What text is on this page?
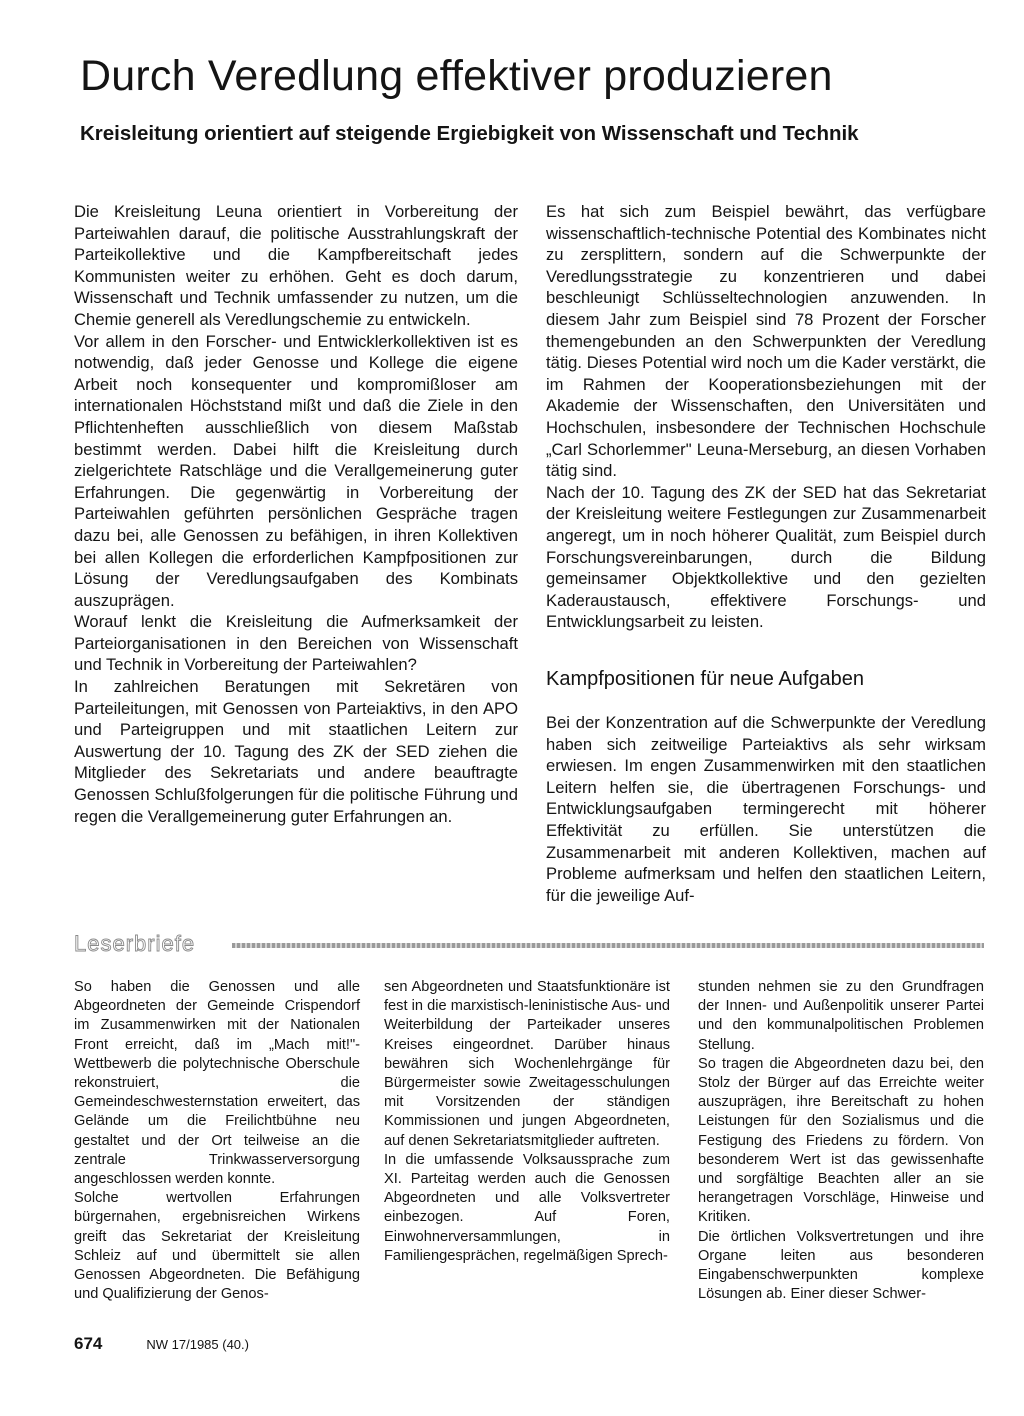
Durch Veredlung effektiver produzieren
Kreisleitung orientiert auf steigende Ergiebigkeit von Wissenschaft und Technik
Die Kreisleitung Leuna orientiert in Vorbereitung der Parteiwahlen darauf, die politische Ausstrahlungskraft der Parteikollektive und die Kampfbereitschaft jedes Kommunisten weiter zu erhöhen. Geht es doch darum, Wissenschaft und Technik umfassender zu nutzen, um die Chemie generell als Veredlungschemie zu entwickeln.
Vor allem in den Forscher- und Entwicklerkollektiven ist es notwendig, daß jeder Genosse und Kollege die eigene Arbeit noch konsequenter und kompromißloser am internationalen Höchststand mißt und daß die Ziele in den Pflichtenheften ausschließlich von diesem Maßstab bestimmt werden. Dabei hilft die Kreisleitung durch zielgerichtete Ratschläge und die Verallgemeinerung guter Erfahrungen. Die gegenwärtig in Vorbereitung der Parteiwahlen geführten persönlichen Gespräche tragen dazu bei, alle Genossen zu befähigen, in ihren Kollektiven bei allen Kollegen die erforderlichen Kampfpositionen zur Lösung der Veredlungsaufgaben des Kombinats auszuprägen.
Worauf lenkt die Kreisleitung die Aufmerksamkeit der Parteiorganisationen in den Bereichen von Wissenschaft und Technik in Vorbereitung der Parteiwahlen?
In zahlreichen Beratungen mit Sekretären von Parteileitungen, mit Genossen von Parteiaktivs, in den APO und Parteigruppen und mit staatlichen Leitern zur Auswertung der 10. Tagung des ZK der SED ziehen die Mitglieder des Sekretariats und andere beauftragte Genossen Schlußfolgerungen für die politische Führung und regen die Verallgemeinerung guter Erfahrungen an.
Es hat sich zum Beispiel bewährt, das verfügbare wissenschaftlich-technische Potential des Kombinates nicht zu zersplittern, sondern auf die Schwerpunkte der Veredlungsstrategie zu konzentrieren und dabei beschleunigt Schlüsseltechnologien anzuwenden. In diesem Jahr zum Beispiel sind 78 Prozent der Forscher themengebunden an den Schwerpunkten der Veredlung tätig. Dieses Potential wird noch um die Kader verstärkt, die im Rahmen der Kooperationsbeziehungen mit der Akademie der Wissenschaften, den Universitäten und Hochschulen, insbesondere der Technischen Hochschule „Carl Schorlemmer" Leuna-Merseburg, an diesen Vorhaben tätig sind.
Nach der 10. Tagung des ZK der SED hat das Sekretariat der Kreisleitung weitere Festlegungen zur Zusammenarbeit angeregt, um in noch höherer Qualität, zum Beispiel durch Forschungsvereinbarungen, durch die Bildung gemeinsamer Objektkollektive und den gezielten Kaderaustausch, effektivere Forschungs- und Entwicklungsarbeit zu leisten.
Kampfpositionen für neue Aufgaben
Bei der Konzentration auf die Schwerpunkte der Veredlung haben sich zeitweilige Parteiaktivs als sehr wirksam erwiesen. Im engen Zusammenwirken mit den staatlichen Leitern helfen sie, die übertragenen Forschungs- und Entwicklungsaufgaben termingerecht mit höherer Effektivität zu erfüllen. Sie unterstützen die Zusammenarbeit mit anderen Kollektiven, machen auf Probleme aufmerksam und helfen den staatlichen Leitern, für die jeweilige Auf-
Leserbriefe
So haben die Genossen und alle Abgeordneten der Gemeinde Crispendorf im Zusammenwirken mit der Nationalen Front erreicht, daß im „Mach mit!"-Wettbewerb die polytechnische Oberschule rekonstruiert, die Gemeindeschwesternstation erweitert, das Gelände um die Freilichtbühne neu gestaltet und der Ort teilweise an die zentrale Trinkwasserversorgung angeschlossen werden konnte.
Solche wertvollen Erfahrungen bürgernahen, ergebnisreichen Wirkens greift das Sekretariat der Kreisleitung Schleiz auf und übermittelt sie allen Genossen Abgeordneten. Die Befähigung und Qualifizierung der Genos-
sen Abgeordneten und Staatsfunktionäre ist fest in die marxistisch-leninistische Aus- und Weiterbildung der Parteikader unseres Kreises eingeordnet. Darüber hinaus bewähren sich Wochenlehrgänge für Bürgermeister sowie Zweitagesschulungen mit Vorsitzenden der ständigen Kommissionen und jungen Abgeordneten, auf denen Sekretariatsmitglieder auftreten.
In die umfassende Volksaussprache zum XI. Parteitag werden auch die Genossen Abgeordneten und alle Volksvertreter einbezogen. Auf Foren, Einwohnerversammlungen, in Familiengesprächen, regelmäßigen Sprech-
stunden nehmen sie zu den Grundfragen der Innen- und Außenpolitik unserer Partei und den kommunalpolitischen Problemen Stellung.
So tragen die Abgeordneten dazu bei, den Stolz der Bürger auf das Erreichte weiter auszuprägen, ihre Bereitschaft zu hohen Leistungen für den Sozialismus und die Festigung des Friedens zu fördern. Von besonderem Wert ist das gewissenhafte und sorgfältige Beachten aller an sie herangetragen Vorschläge, Hinweise und Kritiken.
Die örtlichen Volksvertretungen und ihre Organe leiten aus besonderen Eingabenschwerpunkten komplexe Lösungen ab. Einer dieser Schwer-
674	NW 17/1985 (40.)
